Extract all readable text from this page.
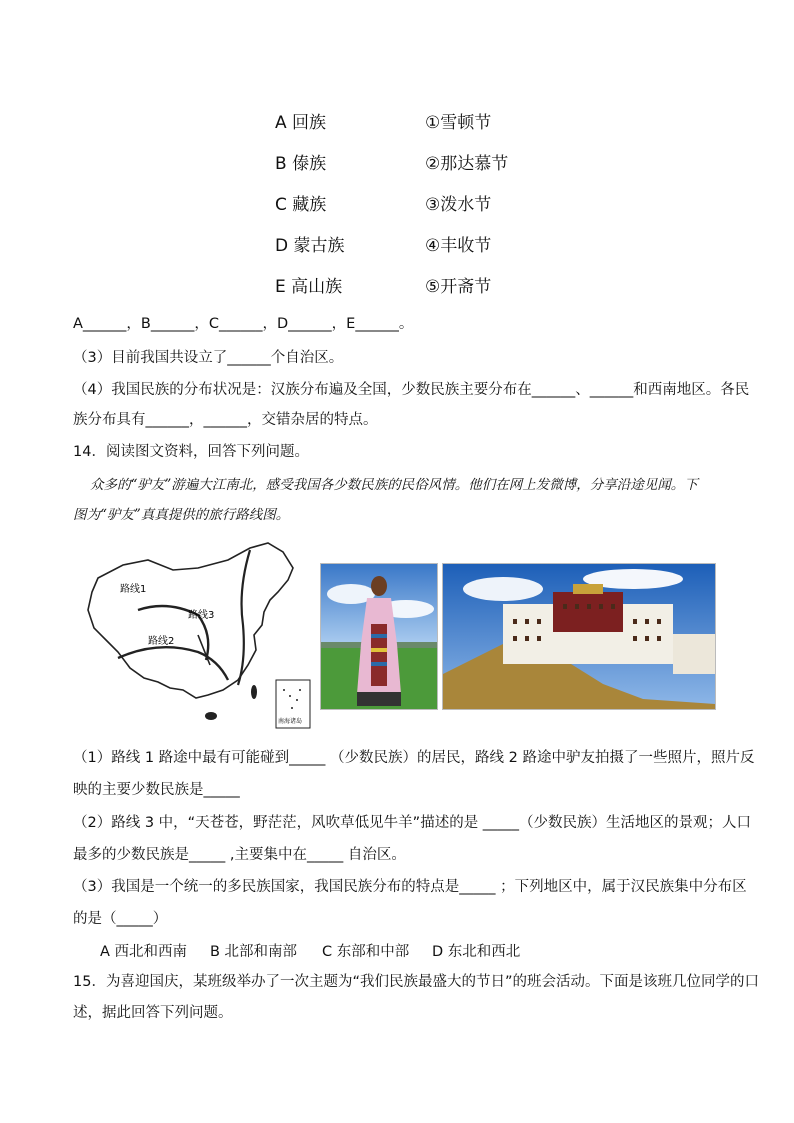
A 回族	①雪顿节
B 傣族	②那达慕节
C 藏族	③泼水节
D 蒙古族	④丰收节
E 高山族	⑤开斋节
A______，B______，C______，D______，E______。
（3）目前我国共设立了______个自治区。
（4）我国民族的分布状况是：汉族分布遍及全国，少数民族主要分布在______、______和西南地区。各民
族分布具有______，______，交错杂居的特点。
14．阅读图文资料，回答下列问题。
众多的“驴友”游遍大江南北，感受我国各少数民族的民俗风情。他们在网上发微博，分享沿途见闻。下
图为“驴友”真真提供的旅行路线图。
路线1
路线3
路线2
南海诸岛
（1）路线 1 路途中最有可能碰到_____ （少数民族）的居民，路线 2 路途中驴友拍摄了一些照片，照片反
映的主要少数民族是_____
（2）路线 3 中，“天苍苍，野茫茫，风吹草低见牛羊”描述的是 _____（少数民族）生活地区的景观；人口
最多的少数民族是_____ ,主要集中在_____ 自治区。
（3）我国是一个统一的多民族国家，我国民族分布的特点是_____ ；下列地区中，属于汉民族集中分布区
的是（_____）
A 西北和西南 B 北部和南部 C 东部和中部 D 东北和西北
15．为喜迎国庆，某班级举办了一次主题为“我们民族最盛大的节日”的班会活动。下面是该班几位同学的口
述，据此回答下列问题。
